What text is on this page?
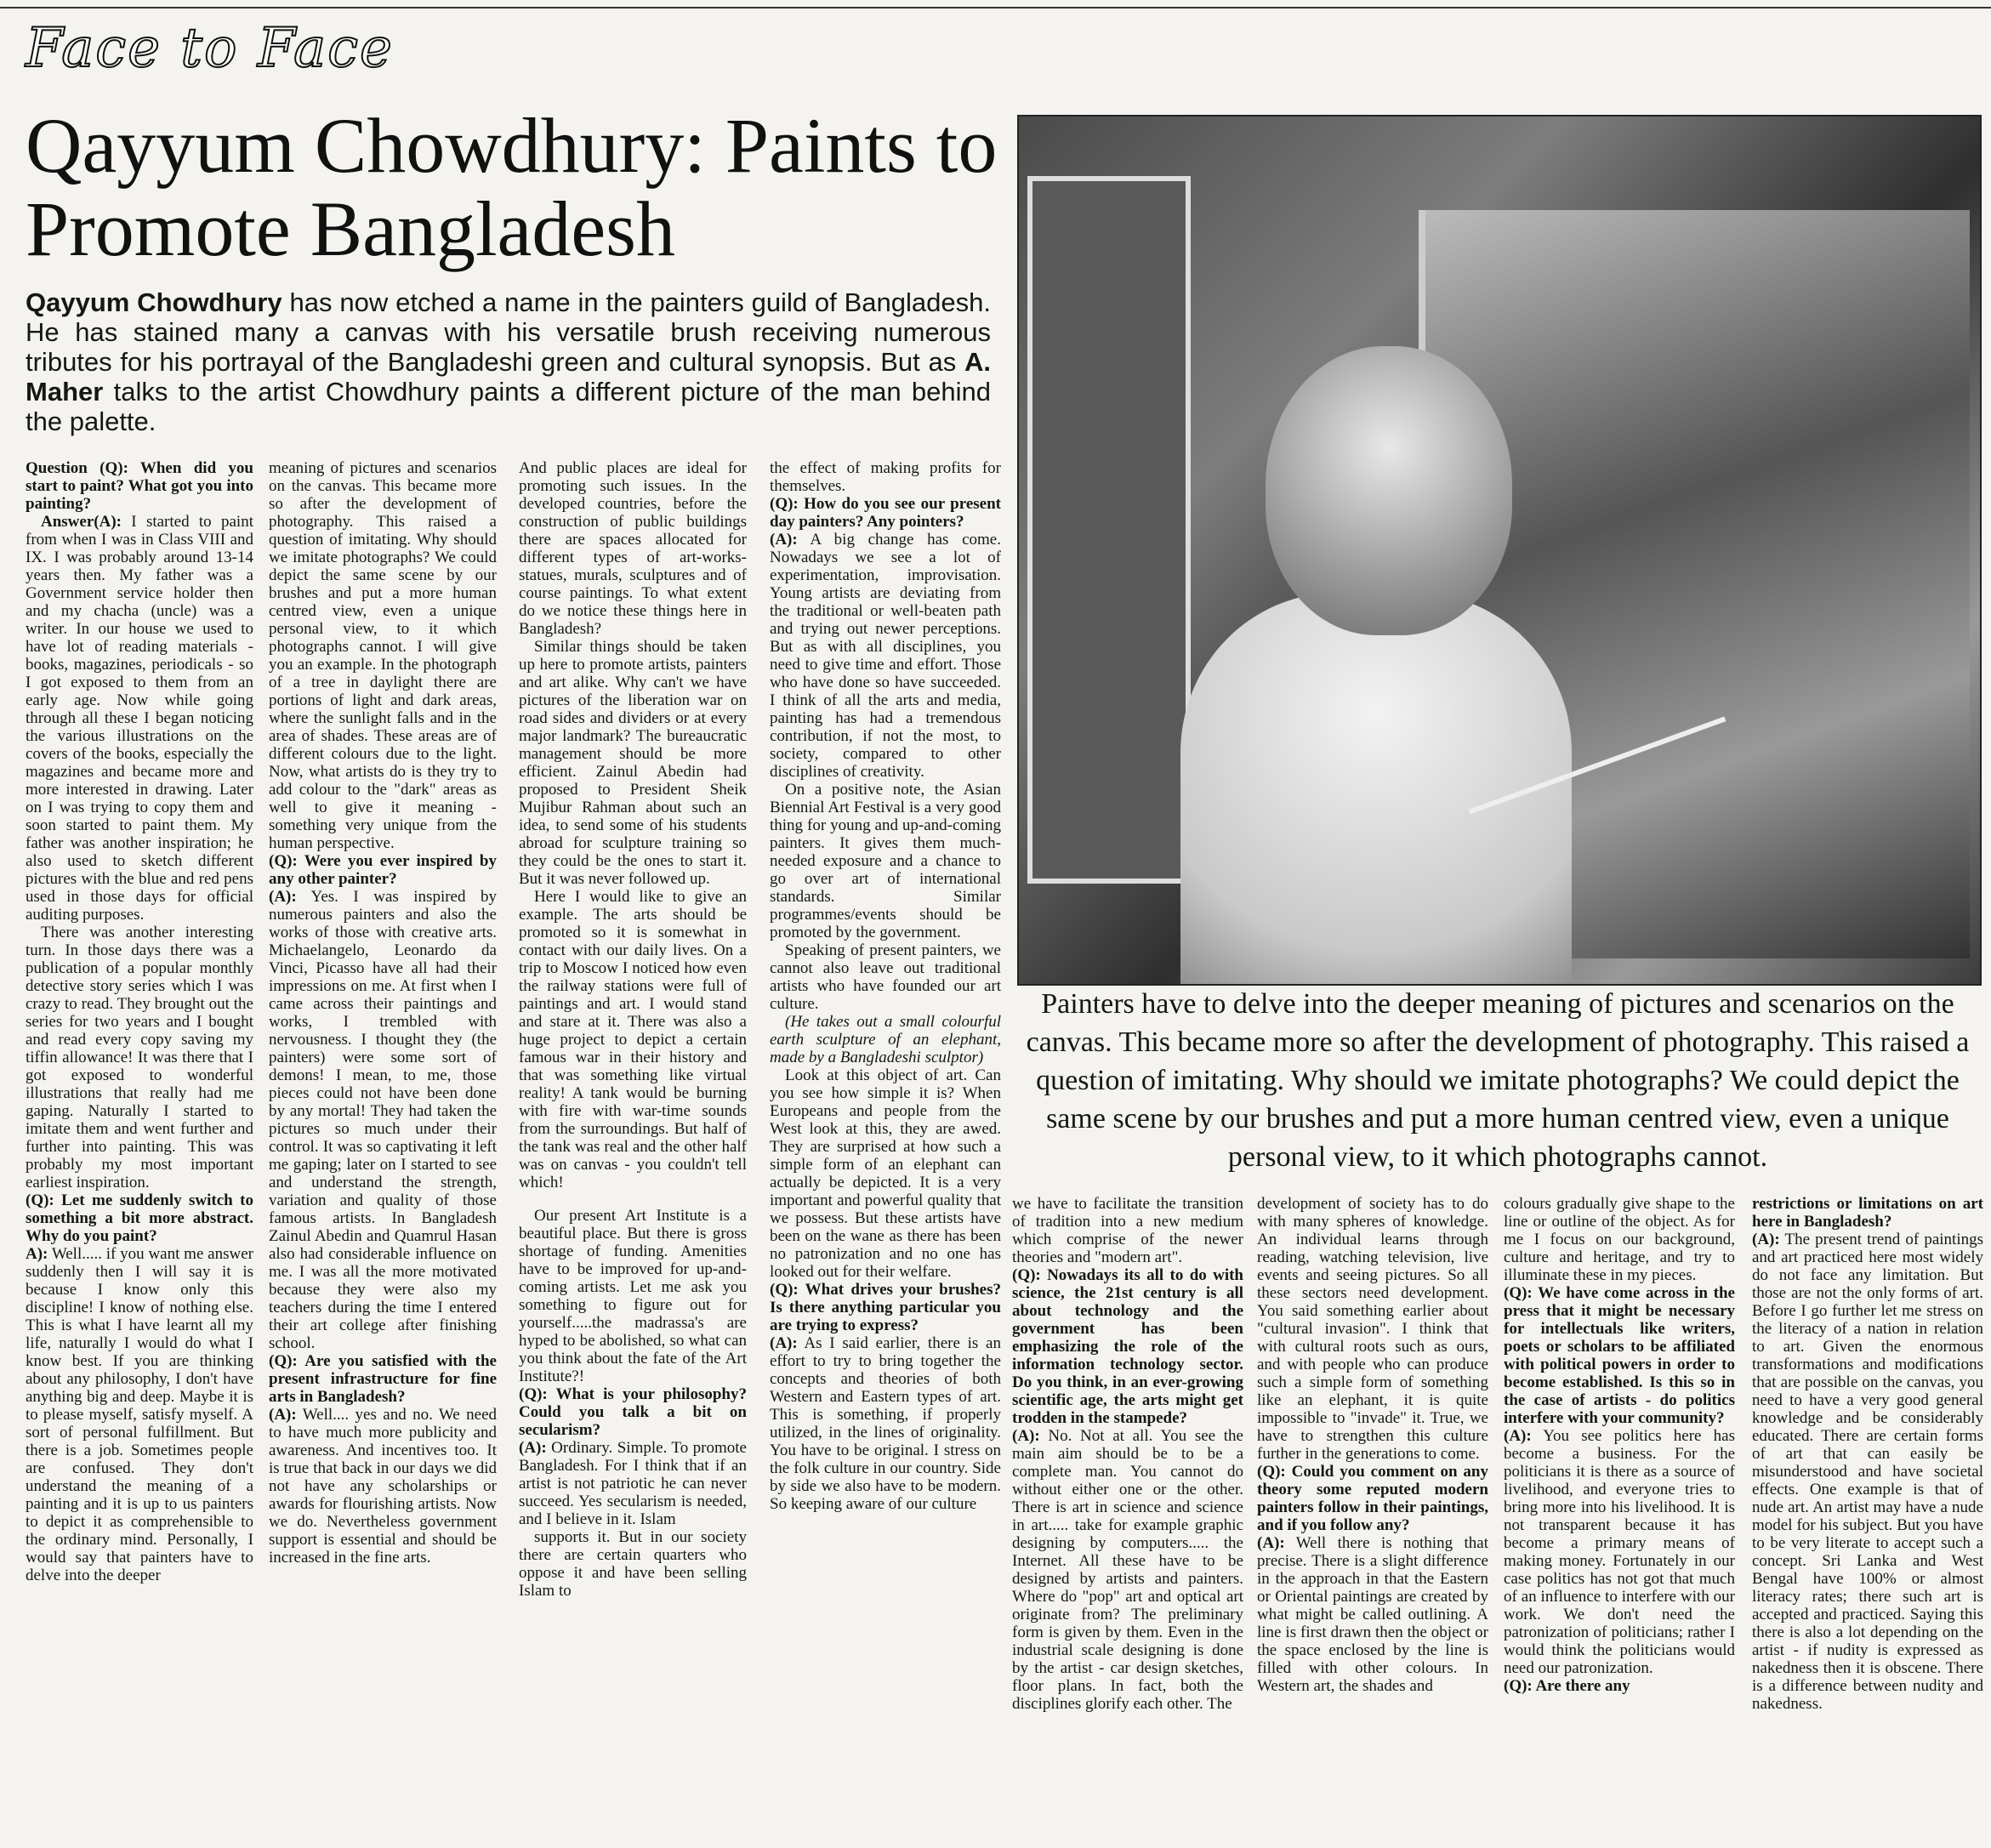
Face to Face
Qayyum Chowdhury: Paints to Promote Bangladesh

Qayyum Chowdhury has now etched a name in the painters guild of Bangladesh. He has stained many a canvas with his versatile brush receiving numerous tributes for his portrayal of the Bangladeshi green and cultural synopsis. But as A. Maher talks to the artist Chowdhury paints a different picture of the man behind the palette.

Painters have to delve into the deeper meaning of pictures and scenarios on the canvas. This became more so after the development of photography. This raised a question of imitating. Why should we imitate photographs? We could depict the same scene by our brushes and put a more human centred view, even a unique personal view, to it which photographs cannot.

Question (Q): When did you start to paint? What got you into painting?
Answer(A): I started to paint from when I was in Class VIII and IX. I was probably around 13-14 years then. My father was a Government service holder then and my chacha (uncle) was a writer. In our house we used to have lot of reading materials - books, magazines, periodicals - so I got exposed to them from an early age. Now while going through all these I began noticing the various illustrations on the covers of the books, especially the magazines and became more and more interested in drawing. Later on I was trying to copy them and soon started to paint them. My father was another inspiration; he also used to sketch different pictures with the blue and red pens used in those days for official auditing purposes.
There was another interesting turn. In those days there was a publication of a popular monthly detective story series which I was crazy to read. They brought out the series for two years and I bought and read every copy saving my tiffin allowance! It was there that I got exposed to wonderful illustrations that really had me gaping. Naturally I started to imitate them and went further and further into painting. This was probably my most important earliest inspiration.
(Q): Let me suddenly switch to something a bit more abstract. Why do you paint?
A): Well..... if you want me answer suddenly then I will say it is because I know only this discipline! I know of nothing else. This is what I have learnt all my life, naturally I would do what I know best. If you are thinking about any philosophy, I don't have anything big and deep. Maybe it is to please myself, satisfy myself. A sort of personal fulfillment. But there is a job. Sometimes people are confused. They don't understand the meaning of a painting and it is up to us painters to depict it as comprehensible to the ordinary mind. Personally, I would say that painters have to delve into the deeper
meaning of pictures and scenarios on the canvas. This became more so after the development of photography. This raised a question of imitating. Why should we imitate photographs? We could depict the same scene by our brushes and put a more human centred view, even a unique personal view, to it which photographs cannot. I will give you an example. In the photograph of a tree in daylight there are portions of light and dark areas, where the sunlight falls and in the area of shades. These areas are of different colours due to the light. Now, what artists do is they try to add colour to the "dark" areas as well to give it meaning - something very unique from the human perspective.
(Q): Were you ever inspired by any other painter?
(A): Yes. I was inspired by numerous painters and also the works of those with creative arts. Michaelangelo, Leonardo da Vinci, Picasso have all had their impressions on me. At first when I came across their paintings and works, I trembled with nervousness. I thought they (the painters) were some sort of demons! I mean, to me, those pieces could not have been done by any mortal! They had taken the pictures so much under their control. It was so captivating it left me gaping; later on I started to see and understand the strength, variation and quality of those famous artists. In Bangladesh Zainul Abedin and Quamrul Hasan also had considerable influence on me. I was all the more motivated because they were also my teachers during the time I entered their art college after finishing school.
(Q): Are you satisfied with the present infrastructure for fine arts in Bangladesh?
(A): Well.... yes and no. We need to have much more publicity and awareness. And incentives too. It is true that back in our days we did not have any scholarships or awards for flourishing artists. Now we do. Nevertheless government support is essential and should be increased in the fine arts.
And public places are ideal for promoting such issues. In the developed countries, before the construction of public buildings there are spaces allocated for different types of art-works-statues, murals, sculptures and of course paintings. To what extent do we notice these things here in Bangladesh?
Similar things should be taken up here to promote artists, painters and art alike. Why can't we have pictures of the liberation war on road sides and dividers or at every major landmark? The bureaucratic management should be more efficient. Zainul Abedin had proposed to President Sheik Mujibur Rahman about such an idea, to send some of his students abroad for sculpture training so they could be the ones to start it. But it was never followed up.
Here I would like to give an example. The arts should be promoted so it is somewhat in contact with our daily lives. On a trip to Moscow I noticed how even the railway stations were full of paintings and art. I would stand and stare at it. There was also a huge project to depict a certain famous war in their history and that was something like virtual reality! A tank would be burning with fire with war-time sounds from the surroundings. But half of the tank was real and the other half was on canvas - you couldn't tell which!
Our present Art Institute is a beautiful place. But there is gross shortage of funding. Amenities have to be improved for up-and-coming artists. Let me ask you something to figure out for yourself.....the madrassa's are hyped to be abolished, so what can you think about the fate of the Art Institute?!
(Q): What is your philosophy? Could you talk a bit on secularism?
(A): Ordinary. Simple. To promote Bangladesh. For I think that if an artist is not patriotic he can never succeed. Yes secularism is needed, and I believe in it. Islam
supports it. But in our society there are certain quarters who oppose it and have been selling Islam to
the effect of making profits for themselves.
(Q): How do you see our present day painters? Any pointers?
(A): A big change has come. Nowadays we see a lot of experimentation, improvisation. Young artists are deviating from the traditional or well-beaten path and trying out newer perceptions. But as with all disciplines, you need to give time and effort. Those who have done so have succeeded. I think of all the arts and media, painting has had a tremendous contribution, if not the most, to society, compared to other disciplines of creativity.
On a positive note, the Asian Biennial Art Festival is a very good thing for young and up-and-coming painters. It gives them much-needed exposure and a chance to go over art of international standards. Similar programmes/events should be promoted by the government.
Speaking of present painters, we cannot also leave out traditional artists who have founded our art culture.
(He takes out a small colourful earth sculpture of an elephant, made by a Bangladeshi sculptor)
Look at this object of art. Can you see how simple it is? When Europeans and people from the West look at this, they are awed. They are surprised at how such a simple form of an elephant can actually be depicted. It is a very important and powerful quality that we possess. But these artists have been on the wane as there has been no patronization and no one has looked out for their welfare.
(Q): What drives your brushes? Is there anything particular you are trying to express?
(A): As I said earlier, there is an effort to try to bring together the concepts and theories of both Western and Eastern types of art. This is something, if properly utilized, in the lines of originality. You have to be original. I stress on the folk culture in our country. Side by side we also have to be modern. So keeping aware of our culture
we have to facilitate the transition of tradition into a new medium which comprise of the newer theories and "modern art".
(Q): Nowadays its all to do with science, the 21st century is all about technology and the government has been emphasizing the role of the information technology sector. Do you think, in an ever-growing scientific age, the arts might get trodden in the stampede?
(A): No. Not at all. You see the main aim should be to be a complete man. You cannot do without either one or the other. There is art in science and science in art..... take for example graphic designing by computers..... the Internet. All these have to be designed by artists and painters. Where do "pop" art and optical art originate from? The preliminary form is given by them. Even in the industrial scale designing is done by the artist - car design sketches, floor plans. In fact, both the disciplines glorify each other. The
development of society has to do with many spheres of knowledge. An individual learns through reading, watching television, live events and seeing pictures. So all these sectors need development. You said something earlier about "cultural invasion". I think that with cultural roots such as ours, and with people who can produce such a simple form of something like an elephant, it is quite impossible to "invade" it. True, we have to strengthen this culture further in the generations to come.
(Q): Could you comment on any theory some reputed modern painters follow in their paintings, and if you follow any?
(A): Well there is nothing that precise. There is a slight difference in the approach in that the Eastern or Oriental paintings are created by what might be called outlining. A line is first drawn then the object or the space enclosed by the line is filled with other colours. In Western art, the shades and
colours gradually give shape to the line or outline of the object. As for me I focus on our background, culture and heritage, and try to illuminate these in my pieces.
(Q): We have come across in the press that it might be necessary for intellectuals like writers, poets or scholars to be affiliated with political powers in order to become established. Is this so in the case of artists - do politics interfere with your community?
(A): You see politics here has become a business. For the politicians it is there as a source of livelihood, and everyone tries to bring more into his livelihood. It is not transparent because it has become a primary means of making money. Fortunately in our case politics has not got that much of an influence to interfere with our work. We don't need the patronization of politicians; rather I would think the politicians would need our patronization.
(Q): Are there any
restrictions or limitations on art here in Bangladesh?
(A): The present trend of paintings and art practiced here most widely do not face any limitation. But those are not the only forms of art. Before I go further let me stress on the literacy of a nation in relation to art. Given the enormous transformations and modifications that are possible on the canvas, you need to have a very good general knowledge and be considerably educated. There are certain forms of art that can easily be misunderstood and have societal effects. One example is that of nude art. An artist may have a nude model for his subject. But you have to be very literate to accept such a concept. Sri Lanka and West Bengal have 100% or almost literacy rates; there such art is accepted and practiced. Saying this there is also a lot depending on the artist - if nudity is expressed as nakedness then it is obscene. There is a difference between nudity and nakedness.
